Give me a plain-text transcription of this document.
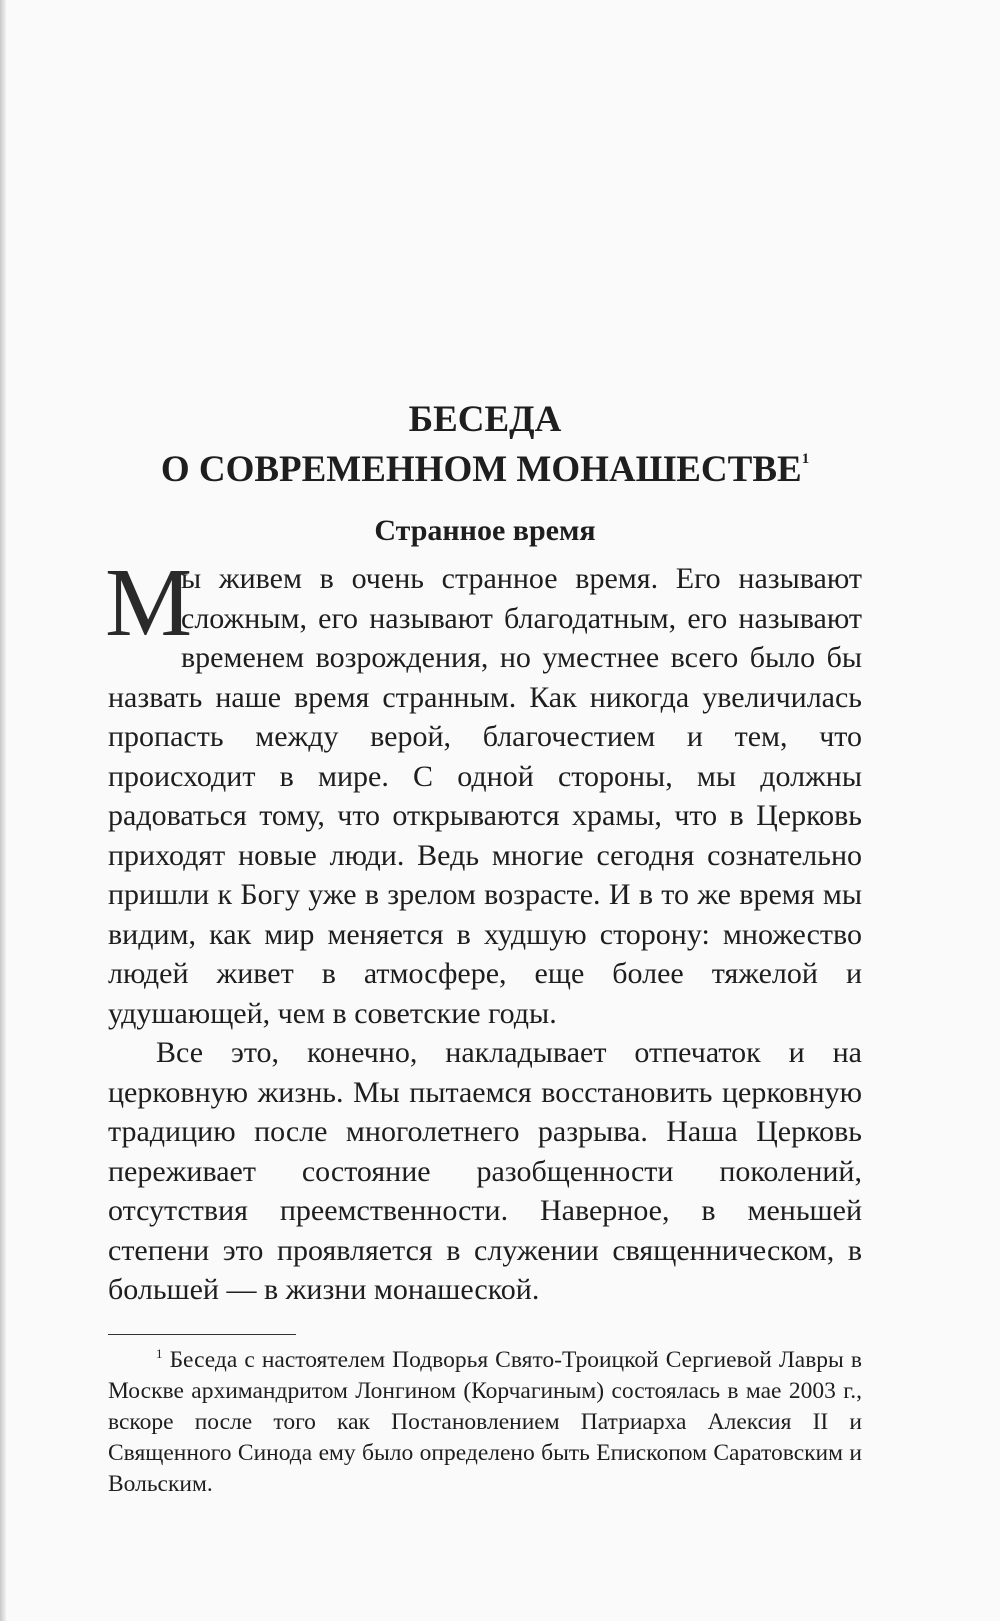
БЕСЕДА
О СОВРЕМЕННОМ МОНАШЕСТВЕ$^1$
Странное время

М
ы живем в очень странное время. Его называют сложным, его называют благодатным, его называют временем возрождения, но уместнее всего было бы назвать наше время странным. Как никогда увеличилась пропасть между верой, благочестием и тем, что происходит в мире. С одной стороны, мы должны радоваться тому, что открываются храмы, что в Церковь приходят новые люди. Ведь многие сегодня сознательно пришли к Богу уже в зрелом возрасте. И в то же время мы видим, как мир меняется в худшую сторону: множество людей живет в атмосфере, еще более тяжелой и удушающей, чем в советские годы.

Все это, конечно, накладывает отпечаток и на церковную жизнь. Мы пытаемся восстановить церковную традицию после многолетнего разрыва. Наша Церковь переживает состояние разобщенности поколений, отсутствия преемственности. Наверное, в меньшей степени это проявляется в служении священническом, в большей — в жизни монашеской.

$^1$ Беседа с настоятелем Подворья Свято-Троицкой Сергиевой Лавры в Москве архимандритом Лонгином (Корчагиным) состоялась в мае 2003 г., вскоре после того как Постановлением Патриарха Алексия II и Священного Синода ему было определено быть Епископом Саратовским и Вольским.
